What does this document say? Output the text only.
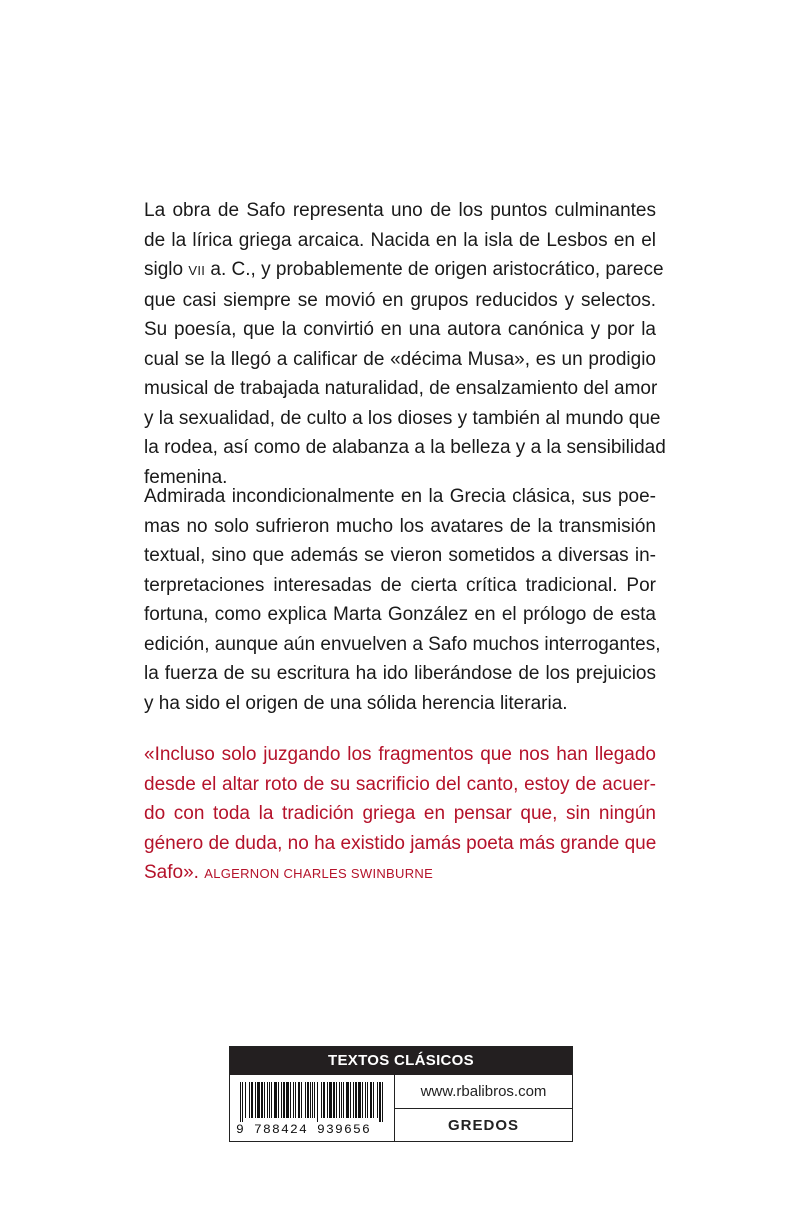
La obra de Safo representa uno de los puntos culminantes
de la lírica griega arcaica. Nacida en la isla de Lesbos en el
siglo VII a. C., y probablemente de origen aristocrático, parece
que casi siempre se movió en grupos reducidos y selectos.
Su poesía, que la convirtió en una autora canónica y por la
cual se la llegó a calificar de «décima Musa», es un prodigio
musical de trabajada naturalidad, de ensalzamiento del amor
y la sexualidad, de culto a los dioses y también al mundo que
la rodea, así como de alabanza a la belleza y a la sensibilidad
femenina.
Admirada incondicionalmente en la Grecia clásica, sus poe-
mas no solo sufrieron mucho los avatares de la transmisión
textual, sino que además se vieron sometidos a diversas in-
terpretaciones interesadas de cierta crítica tradicional. Por
fortuna, como explica Marta González en el prólogo de esta
edición, aunque aún envuelven a Safo muchos interrogantes,
la fuerza de su escritura ha ido liberándose de los prejuicios
y ha sido el origen de una sólida herencia literaria.
«Incluso solo juzgando los fragmentos que nos han llegado
desde el altar roto de su sacrificio del canto, estoy de acuer-
do con toda la tradición griega en pensar que, sin ningún
género de duda, no ha existido jamás poeta más grande que
Safo». ALGERNON CHARLES SWINBURNE
TEXTOS CLÁSICOS
9 788424 939656
www.rbalibros.com
GREDOS
